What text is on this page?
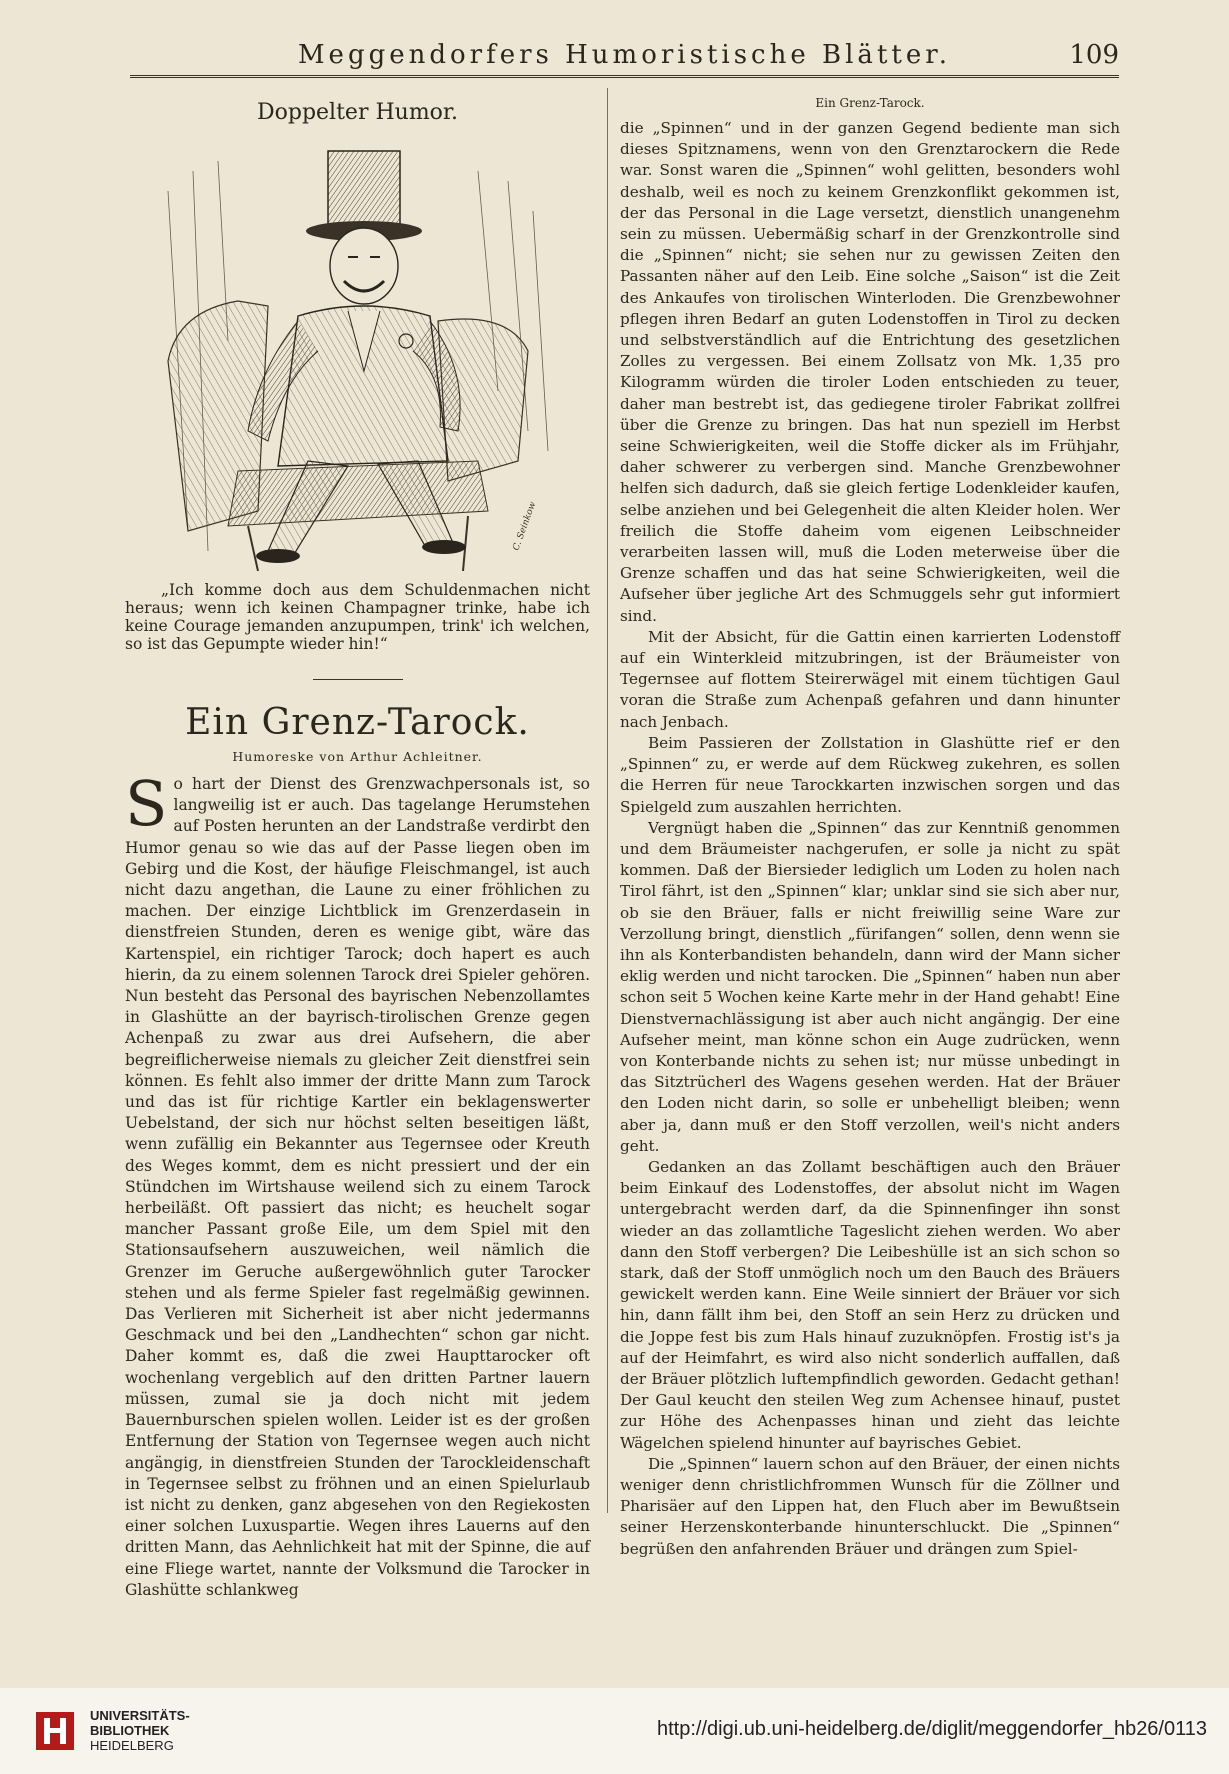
Meggendorfers Humoristische Blätter.	109
Doppelter Humor.
C. Seinkow

„Ich komme doch aus dem Schuldenmachen nicht heraus; wenn ich keinen Champagner trinke, habe ich keine Courage jemanden anzupumpen, trink' ich welchen, so ist das Gepumpte wieder hin!“

Ein Grenz-Tarock.
Humoreske von Arthur Achleitner.

So hart der Dienst des Grenzwachpersonals ist, so langweilig ist er auch. Das tagelange Herumstehen auf Posten herunten an der Landstraße verdirbt den Humor genau so wie das auf der Passe liegen oben im Gebirg und die Kost, der häufige Fleischmangel, ist auch nicht dazu angethan, die Laune zu einer fröhlichen zu machen. Der einzige Lichtblick im Grenzerdasein in dienstfreien Stunden, deren es wenige gibt, wäre das Kartenspiel, ein richtiger Tarock; doch hapert es auch hierin, da zu einem solennen Tarock drei Spieler gehören. Nun besteht das Personal des bayrischen Nebenzollamtes in Glashütte an der bayrisch-tirolischen Grenze gegen Achenpaß zu zwar aus drei Aufsehern, die aber begreiflicherweise niemals zu gleicher Zeit dienstfrei sein können. Es fehlt also immer der dritte Mann zum Tarock und das ist für richtige Kartler ein beklagenswerter Uebelstand, der sich nur höchst selten beseitigen läßt, wenn zufällig ein Bekannter aus Tegernsee oder Kreuth des Weges kommt, dem es nicht pressiert und der ein Stündchen im Wirtshause weilend sich zu einem Tarock herbeiläßt. Oft passiert das nicht; es heuchelt sogar mancher Passant große Eile, um dem Spiel mit den Stationsaufsehern auszuweichen, weil nämlich die Grenzer im Geruche außergewöhnlich guter Tarocker stehen und als ferme Spieler fast regelmäßig gewinnen. Das Verlieren mit Sicherheit ist aber nicht jedermanns Geschmack und bei den „Landhechten“ schon gar nicht. Daher kommt es, daß die zwei Haupttarocker oft wochenlang vergeblich auf den dritten Partner lauern müssen, zumal sie ja doch nicht mit jedem Bauernburschen spielen wollen. Leider ist es der großen Entfernung der Station von Tegernsee wegen auch nicht angängig, in dienstfreien Stunden der Tarockleidenschaft in Tegernsee selbst zu fröhnen und an einen Spielurlaub ist nicht zu denken, ganz abgesehen von den Regiekosten einer solchen Luxuspartie. Wegen ihres Lauerns auf den dritten Mann, das Aehnlichkeit hat mit der Spinne, die auf eine Fliege wartet, nannte der Volksmund die Tarocker in Glashütte schlankweg

Ein Grenz-Tarock.

die „Spinnen“ und in der ganzen Gegend bediente man sich dieses Spitznamens, wenn von den Grenztarockern die Rede war. Sonst waren die „Spinnen“ wohl gelitten, besonders wohl deshalb, weil es noch zu keinem Grenzkonflikt gekommen ist, der das Personal in die Lage versetzt, dienstlich unangenehm sein zu müssen. Uebermäßig scharf in der Grenzkontrolle sind die „Spinnen“ nicht; sie sehen nur zu gewissen Zeiten den Passanten näher auf den Leib. Eine solche „Saison“ ist die Zeit des Ankaufes von tirolischen Winterloden. Die Grenzbewohner pflegen ihren Bedarf an guten Lodenstoffen in Tirol zu decken und selbstverständlich auf die Entrichtung des gesetzlichen Zolles zu vergessen. Bei einem Zollsatz von Mk. 1,35 pro Kilogramm würden die tiroler Loden entschieden zu teuer, daher man bestrebt ist, das gediegene tiroler Fabrikat zollfrei über die Grenze zu bringen. Das hat nun speziell im Herbst seine Schwierigkeiten, weil die Stoffe dicker als im Frühjahr, daher schwerer zu verbergen sind. Manche Grenzbewohner helfen sich dadurch, daß sie gleich fertige Lodenkleider kaufen, selbe anziehen und bei Gelegenheit die alten Kleider holen. Wer freilich die Stoffe daheim vom eigenen Leibschneider verarbeiten lassen will, muß die Loden meterweise über die Grenze schaffen und das hat seine Schwierigkeiten, weil die Aufseher über jegliche Art des Schmuggels sehr gut informiert sind.

Mit der Absicht, für die Gattin einen karrierten Lodenstoff auf ein Winterkleid mitzubringen, ist der Bräumeister von Tegernsee auf flottem Steirerwägel mit einem tüchtigen Gaul voran die Straße zum Achenpaß gefahren und dann hinunter nach Jenbach.

Beim Passieren der Zollstation in Glashütte rief er den „Spinnen“ zu, er werde auf dem Rückweg zukehren, es sollen die Herren für neue Tarockkarten inzwischen sorgen und das Spielgeld zum auszahlen herrichten.

Vergnügt haben die „Spinnen“ das zur Kenntniß genommen und dem Bräumeister nachgerufen, er solle ja nicht zu spät kommen. Daß der Biersieder lediglich um Loden zu holen nach Tirol fährt, ist den „Spinnen“ klar; unklar sind sie sich aber nur, ob sie den Bräuer, falls er nicht freiwillig seine Ware zur Verzollung bringt, dienstlich „fürifangen“ sollen, denn wenn sie ihn als Konterbandisten behandeln, dann wird der Mann sicher eklig werden und nicht tarocken. Die „Spinnen“ haben nun aber schon seit 5 Wochen keine Karte mehr in der Hand gehabt! Eine Dienstvernachlässigung ist aber auch nicht angängig. Der eine Aufseher meint, man könne schon ein Auge zudrücken, wenn von Konterbande nichts zu sehen ist; nur müsse unbedingt in das Sitztrücherl des Wagens gesehen werden. Hat der Bräuer den Loden nicht darin, so solle er unbehelligt bleiben; wenn aber ja, dann muß er den Stoff verzollen, weil's nicht anders geht.

Gedanken an das Zollamt beschäftigen auch den Bräuer beim Einkauf des Lodenstoffes, der absolut nicht im Wagen untergebracht werden darf, da die Spinnenfinger ihn sonst wieder an das zollamtliche Tageslicht ziehen werden. Wo aber dann den Stoff verbergen? Die Leibeshülle ist an sich schon so stark, daß der Stoff unmöglich noch um den Bauch des Bräuers gewickelt werden kann. Eine Weile sinniert der Bräuer vor sich hin, dann fällt ihm bei, den Stoff an sein Herz zu drücken und die Joppe fest bis zum Hals hinauf zuzuknöpfen. Frostig ist's ja auf der Heimfahrt, es wird also nicht sonderlich auffallen, daß der Bräuer plötzlich luftempfindlich geworden. Gedacht gethan! Der Gaul keucht den steilen Weg zum Achensee hinauf, pustet zur Höhe des Achenpasses hinan und zieht das leichte Wägelchen spielend hinunter auf bayrisches Gebiet.

Die „Spinnen“ lauern schon auf den Bräuer, der einen nichts weniger denn christlichfrommen Wunsch für die Zöllner und Pharisäer auf den Lippen hat, den Fluch aber im Bewußtsein seiner Herzenskonterbande hinunterschluckt. Die „Spinnen“ begrüßen den anfahrenden Bräuer und drängen zum Spiel-

UNIVERSITÄTS-
BIBLIOTHEK
HEIDELBERG
http://digi.ub.uni-heidelberg.de/diglit/meggendorfer_hb26/0113
